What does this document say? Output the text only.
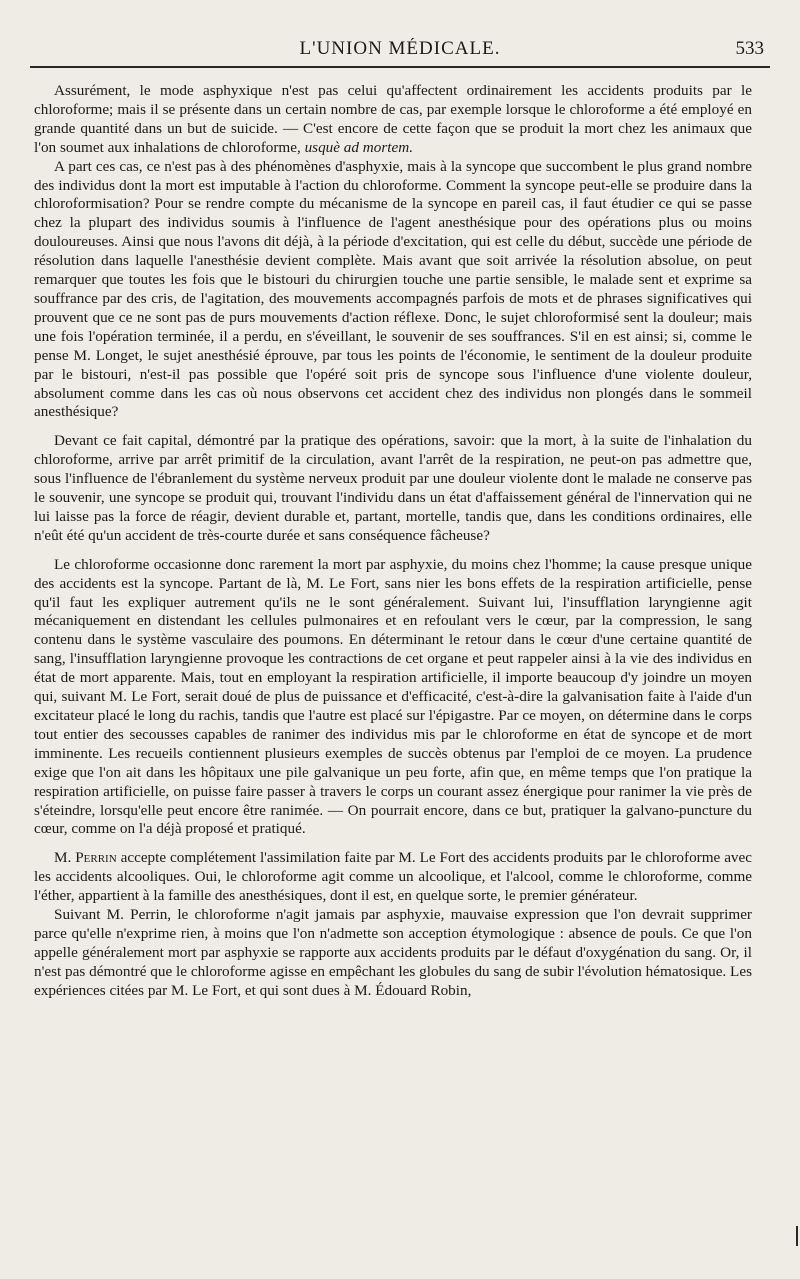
L'UNION MÉDICALE.	533

Assurément, le mode asphyxique n'est pas celui qu'affectent ordinairement les accidents produits par le chloroforme; mais il se présente dans un certain nombre de cas, par exemple lorsque le chloroforme a été employé en grande quantité dans un but de suicide. — C'est encore de cette façon que se produit la mort chez les animaux que l'on soumet aux inhalations de chloroforme, usquè ad mortem.

A part ces cas, ce n'est pas à des phénomènes d'asphyxie, mais à la syncope que succombent le plus grand nombre des individus dont la mort est imputable à l'action du chloroforme. Comment la syncope peut-elle se produire dans la chloroformisation? Pour se rendre compte du mécanisme de la syncope en pareil cas, il faut étudier ce qui se passe chez la plupart des individus soumis à l'influence de l'agent anesthésique pour des opérations plus ou moins douloureuses. Ainsi que nous l'avons dit déjà, à la période d'excitation, qui est celle du début, succède une période de résolution dans laquelle l'anesthésie devient complète. Mais avant que soit arrivée la résolution absolue, on peut remarquer que toutes les fois que le bistouri du chirurgien touche une partie sensible, le malade sent et exprime sa souffrance par des cris, de l'agitation, des mouvements accompagnés parfois de mots et de phrases significatives qui prouvent que ce ne sont pas de purs mouvements d'action réflexe. Donc, le sujet chloroformisé sent la douleur; mais une fois l'opération terminée, il a perdu, en s'éveillant, le souvenir de ses souffrances. S'il en est ainsi; si, comme le pense M. Longet, le sujet anesthésié éprouve, par tous les points de l'économie, le sentiment de la douleur produite par le bistouri, n'est-il pas possible que l'opéré soit pris de syncope sous l'influence d'une violente douleur, absolument comme dans les cas où nous observons cet accident chez des individus non plongés dans le sommeil anesthésique?

Devant ce fait capital, démontré par la pratique des opérations, savoir: que la mort, à la suite de l'inhalation du chloroforme, arrive par arrêt primitif de la circulation, avant l'arrêt de la respiration, ne peut-on pas admettre que, sous l'influence de l'ébranlement du système nerveux produit par une douleur violente dont le malade ne conserve pas le souvenir, une syncope se produit qui, trouvant l'individu dans un état d'affaissement général de l'innervation qui ne lui laisse pas la force de réagir, devient durable et, partant, mortelle, tandis que, dans les conditions ordinaires, elle n'eût été qu'un accident de très-courte durée et sans conséquence fâcheuse?

Le chloroforme occasionne donc rarement la mort par asphyxie, du moins chez l'homme; la cause presque unique des accidents est la syncope. Partant de là, M. Le Fort, sans nier les bons effets de la respiration artificielle, pense qu'il faut les expliquer autrement qu'ils ne le sont généralement. Suivant lui, l'insufflation laryngienne agit mécaniquement en distendant les cellules pulmonaires et en refoulant vers le cœur, par la compression, le sang contenu dans le système vasculaire des poumons. En déterminant le retour dans le cœur d'une certaine quantité de sang, l'insufflation laryngienne provoque les contractions de cet organe et peut rappeler ainsi à la vie des individus en état de mort apparente. Mais, tout en employant la respiration artificielle, il importe beaucoup d'y joindre un moyen qui, suivant M. Le Fort, serait doué de plus de puissance et d'efficacité, c'est-à-dire la galvanisation faite à l'aide d'un excitateur placé le long du rachis, tandis que l'autre est placé sur l'épigastre. Par ce moyen, on détermine dans le corps tout entier des secousses capables de ranimer des individus mis par le chloroforme en état de syncope et de mort imminente. Les recueils contiennent plusieurs exemples de succès obtenus par l'emploi de ce moyen. La prudence exige que l'on ait dans les hôpitaux une pile galvanique un peu forte, afin que, en même temps que l'on pratique la respiration artificielle, on puisse faire passer à travers le corps un courant assez énergique pour ranimer la vie près de s'éteindre, lorsqu'elle peut encore être ranimée. — On pourrait encore, dans ce but, pratiquer la galvano-puncture du cœur, comme on l'a déjà proposé et pratiqué.

M. Perrin accepte complétement l'assimilation faite par M. Le Fort des accidents produits par le chloroforme avec les accidents alcooliques. Oui, le chloroforme agit comme un alcoolique, et l'alcool, comme le chloroforme, comme l'éther, appartient à la famille des anesthésiques, dont il est, en quelque sorte, le premier générateur.

Suivant M. Perrin, le chloroforme n'agit jamais par asphyxie, mauvaise expression que l'on devrait supprimer parce qu'elle n'exprime rien, à moins que l'on n'admette son acception étymologique : absence de pouls. Ce que l'on appelle généralement mort par asphyxie se rapporte aux accidents produits par le défaut d'oxygénation du sang. Or, il n'est pas démontré que le chloroforme agisse en empêchant les globules du sang de subir l'évolution hématosique. Les expériences citées par M. Le Fort, et qui sont dues à M. Édouard Robin,
